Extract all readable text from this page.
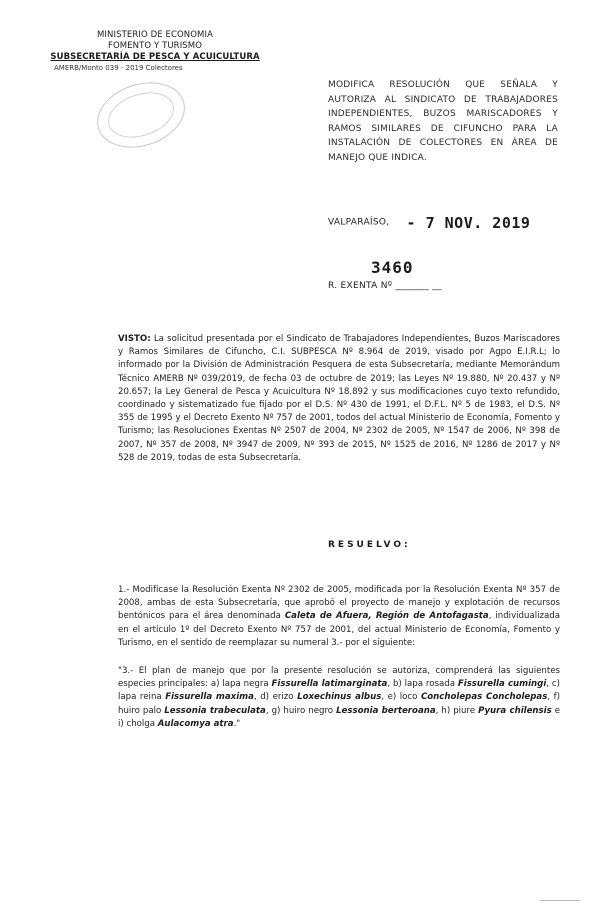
MINISTERIO DE ECONOMIA
FOMENTO Y TURISMO
SUBSECRETARÍA DE PESCA Y ACUICULTURA
AMERB/Monto 039 - 2019 Colectores
MODIFICA RESOLUCIÓN QUE SEÑALA Y AUTORIZA AL SINDICATO DE TRABAJADORES INDEPENDIENTES, BUZOS MARISCADORES Y RAMOS SIMILARES DE CIFUNCHO PARA LA INSTALACIÓN DE COLECTORES EN ÁREA DE MANEJO QUE INDICA.
VALPARAÍSO, - 7 NOV. 2019
3460
R. EXENTA Nº _______ __
VISTO: La solicitud presentada por el Sindicato de Trabajadores Independientes, Buzos Mariscadores y Ramos Similares de Cifuncho, C.I. SUBPESCA Nº 8.964 de 2019, visado por Agpo E.I.R.L; lo informado por la División de Administración Pesquera de esta Subsecretaría, mediante Memorándum Técnico AMERB Nº 039/2019, de fecha 03 de octubre de 2019; las Leyes Nº 19.880, Nº 20.437 y Nº 20.657; la Ley General de Pesca y Acuicultura Nº 18.892 y sus modificaciones cuyo texto refundido, coordinado y sistematizado fue fijado por el D.S. Nº 430 de 1991, el D.F.L. Nº 5 de 1983, el D.S. Nº 355 de 1995 y el Decreto Exento Nº 757 de 2001, todos del actual Ministerio de Economía, Fomento y Turismo; las Resoluciones Exentas Nº 2507 de 2004, Nº 2302 de 2005, Nº 1547 de 2006, Nº 398 de 2007, Nº 357 de 2008, Nº 3947 de 2009, Nº 393 de 2015, Nº 1525 de 2016, Nº 1286 de 2017 y Nº 528 de 2019, todas de esta Subsecretaría.
RESUELVO:
1.- Modifícase la Resolución Exenta Nº 2302 de 2005, modificada por la Resolución Exenta Nº 357 de 2008, ambas de esta Subsecretaría, que aprobó el proyecto de manejo y explotación de recursos bentónicos para el área denominada Caleta de Afuera, Región de Antofagasta, individualizada en el artículo 1º del Decreto Exento Nº 757 de 2001, del actual Ministerio de Economía, Fomento y Turismo, en el sentido de reemplazar su numeral 3.- por el siguiente:
"3.- El plan de manejo que por la presente resolución se autoriza, comprenderá las siguientes especies principales: a) lapa negra Fissurella latimarginata, b) lapa rosada Fissurella cumingi, c) lapa reina Fissurella maxima, d) erizo Loxechinus albus, e) loco Concholepas Concholepas, f) huiro palo Lessonia trabeculata, g) huiro negro Lessonia berteroana, h) piure Pyura chilensis e i) cholga Aulacomya atra."
